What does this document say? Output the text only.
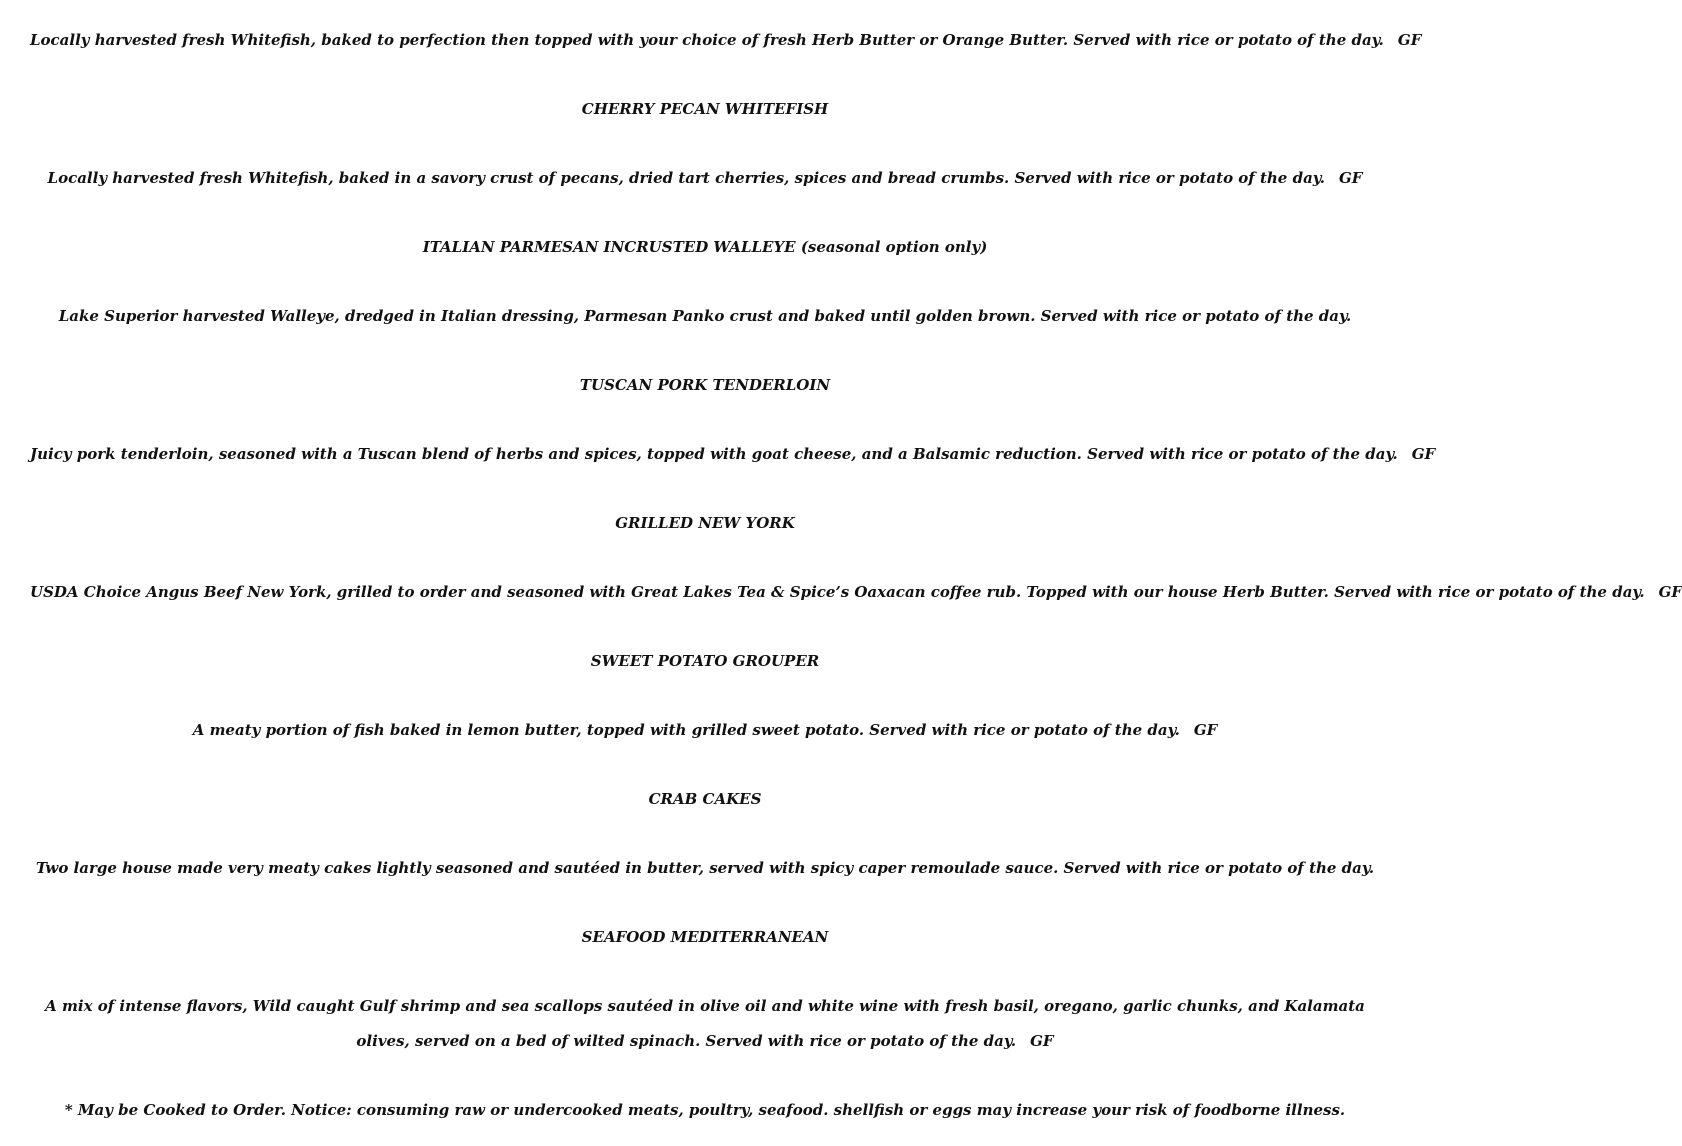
Locally harvested fresh Whitefish, baked to perfection then topped with your choice of fresh Herb Butter or Orange Butter. Served with rice or potato of the day. GF
CHERRY PECAN WHITEFISH
Locally harvested fresh Whitefish, baked in a savory crust of pecans, dried tart cherries, spices and bread crumbs. Served with rice or potato of the day. GF
ITALIAN PARMESAN INCRUSTED WALLEYE (seasonal option only)
Lake Superior harvested Walleye, dredged in Italian dressing, Parmesan Panko crust and baked until golden brown. Served with rice or potato of the day.
TUSCAN PORK TENDERLOIN
Juicy pork tenderloin, seasoned with a Tuscan blend of herbs and spices, topped with goat cheese, and a Balsamic reduction. Served with rice or potato of the day. GF
GRILLED NEW YORK
USDA Choice Angus Beef New York, grilled to order and seasoned with Great Lakes Tea & Spice’s Oaxacan coffee rub. Topped with our house Herb Butter. Served with rice or potato of the day. GF
SWEET POTATO GROUPER
A meaty portion of fish baked in lemon butter, topped with grilled sweet potato. Served with rice or potato of the day. GF
CRAB CAKES
Two large house made very meaty cakes lightly seasoned and sautéed in butter, served with spicy caper remoulade sauce. Served with rice or potato of the day.
SEAFOOD MEDITERRANEAN
A mix of intense flavors, Wild caught Gulf shrimp and sea scallops sautéed in olive oil and white wine with fresh basil, oregano, garlic chunks, and Kalamata olives, served on a bed of wilted spinach. Served with rice or potato of the day. GF
* May be Cooked to Order. Notice: consuming raw or undercooked meats, poultry, seafood. shellfish or eggs may increase your risk of foodborne illness.
